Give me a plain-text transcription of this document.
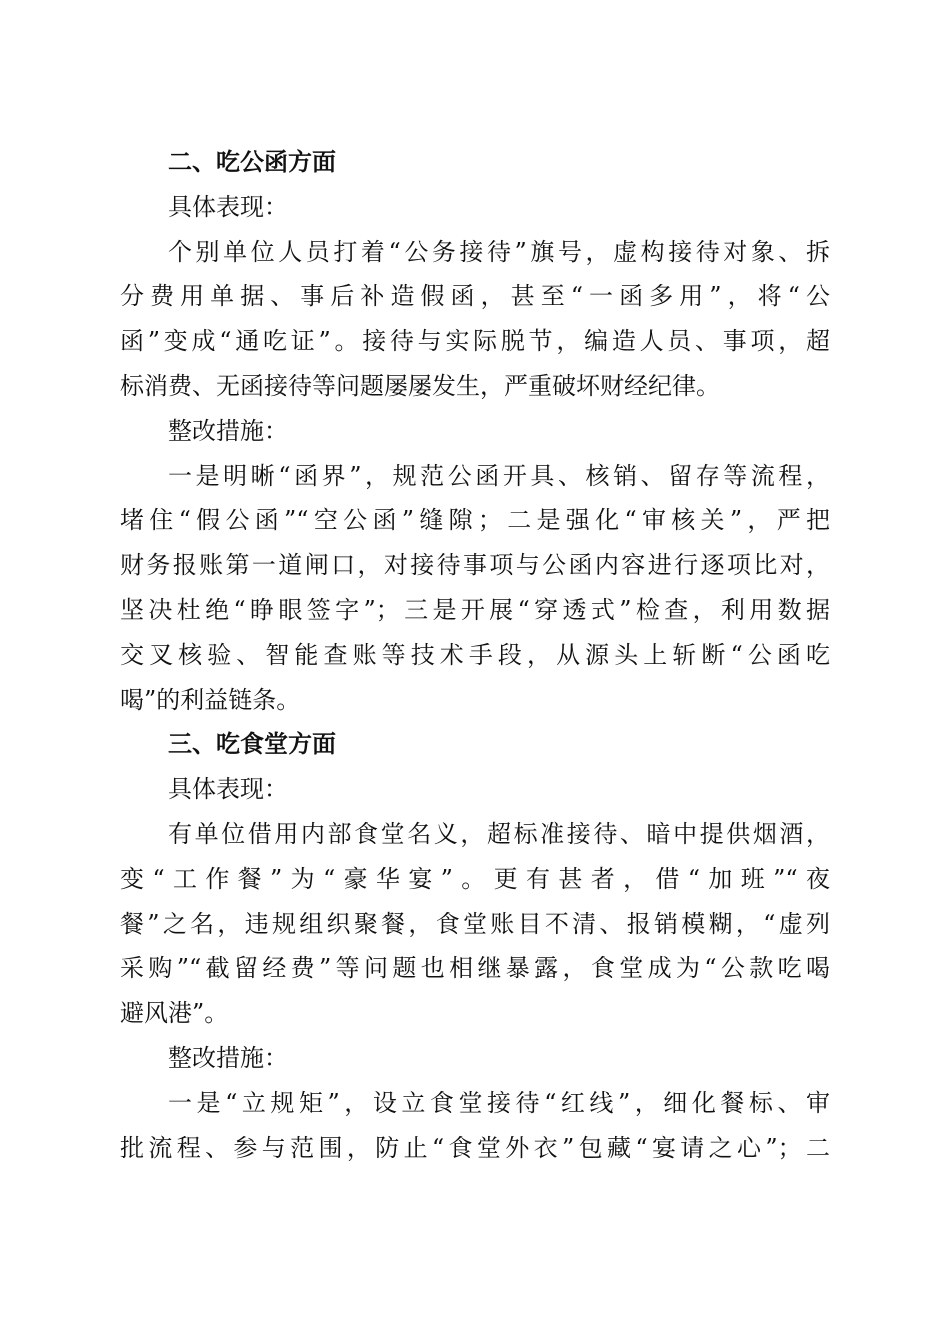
二、吃公函方面
具体表现：
个别单位人员打着“公务接待”旗号，虚构接待对象、拆
分费用单据、事后补造假函，甚至“一函多用”，将“公
函”变成“通吃证”。接待与实际脱节，编造人员、事项，超
标消费、无函接待等问题屡屡发生，严重破坏财经纪律。
整改措施：
一是明晰“函界”，规范公函开具、核销、留存等流程，
堵住“假公函”“空公函”缝隙；二是强化“审核关”，严把
财务报账第一道闸口，对接待事项与公函内容进行逐项比对，
坚决杜绝“睁眼签字”；三是开展“穿透式”检查，利用数据
交叉核验、智能查账等技术手段，从源头上斩断“公函吃
喝”的利益链条。
三、吃食堂方面
具体表现：
有单位借用内部食堂名义，超标准接待、暗中提供烟酒，
变“工作餐”为“豪华宴”。更有甚者，借“加班”“夜
餐”之名，违规组织聚餐，食堂账目不清、报销模糊，“虚列
采购”“截留经费”等问题也相继暴露，食堂成为“公款吃喝
避风港”。
整改措施：
一是“立规矩”，设立食堂接待“红线”，细化餐标、审
批流程、参与范围，防止“食堂外衣”包藏“宴请之心”；二
